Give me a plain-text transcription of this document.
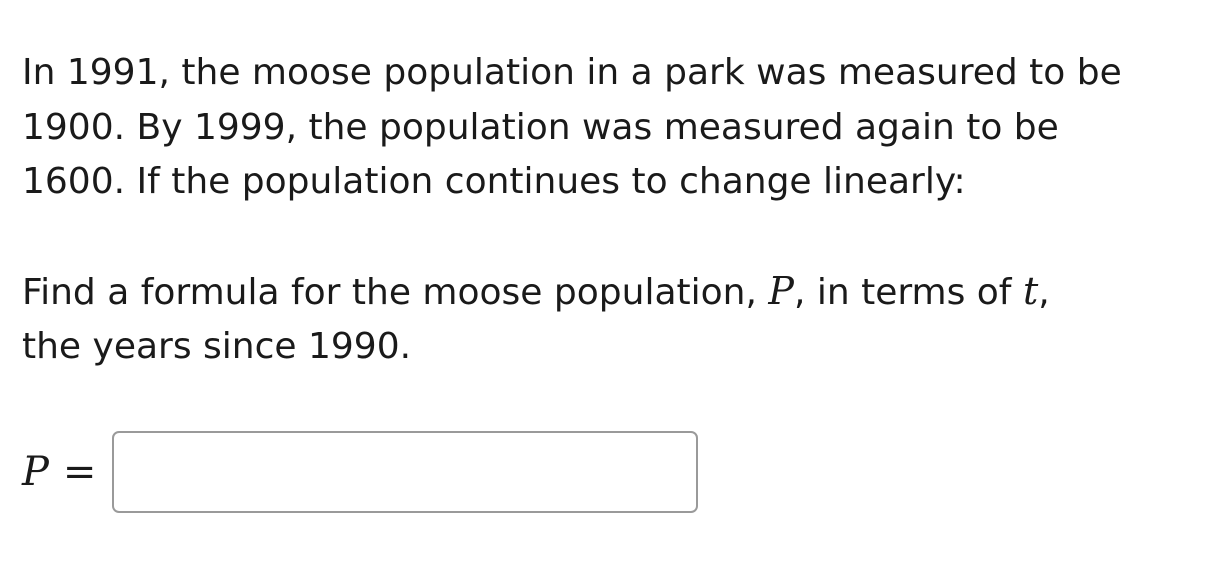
In 1991, the moose population in a park was measured to be
1900. By 1999, the population was measured again to be
1600. If the population continues to change linearly:

Find a formula for the moose population, P, in terms of t,
the years since 1990.

P =
